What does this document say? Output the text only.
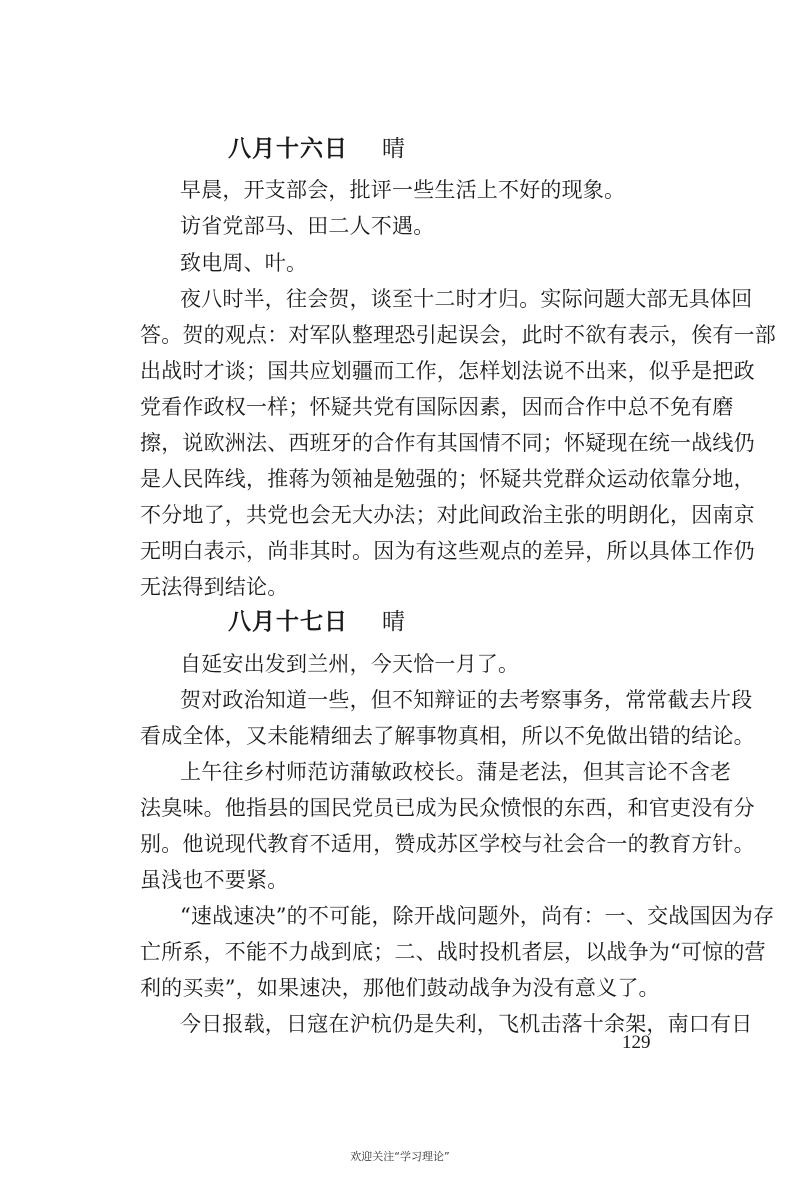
八月十六日 晴
早晨，开支部会，批评一些生活上不好的现象。
访省党部马、田二人不遇。
致电周、叶。
夜八时半，往会贺，谈至十二时才归。实际问题大部无具体回
答。贺的观点：对军队整理恐引起误会，此时不欲有表示，俟有一部
出战时才谈；国共应划疆而工作，怎样划法说不出来，似乎是把政
党看作政权一样；怀疑共党有国际因素，因而合作中总不免有磨
擦，说欧洲法、西班牙的合作有其国情不同；怀疑现在统一战线仍
是人民阵线，推蒋为领袖是勉强的；怀疑共党群众运动依靠分地，
不分地了，共党也会无大办法；对此间政治主张的明朗化，因南京
无明白表示，尚非其时。因为有这些观点的差异，所以具体工作仍
无法得到结论。
八月十七日 晴
自延安出发到兰州，今天恰一月了。
贺对政治知道一些，但不知辩证的去考察事务，常常截去片段
看成全体，又未能精细去了解事物真相，所以不免做出错的结论。
上午往乡村师范访蒲敏政校长。蒲是老法，但其言论不含老
法臭味。他指县的国民党员已成为民众愤恨的东西，和官吏没有分
别。他说现代教育不适用，赞成苏区学校与社会合一的教育方针。
虽浅也不要紧。
“速战速决”的不可能，除开战问题外，尚有：一、交战国因为存
亡所系，不能不力战到底；二、战时投机者层，以战争为“可惊的营
利的买卖”，如果速决，那他们鼓动战争为没有意义了。
今日报载，日寇在沪杭仍是失利，飞机击落十余架，南口有日
129
欢迎关注“学习理论”
